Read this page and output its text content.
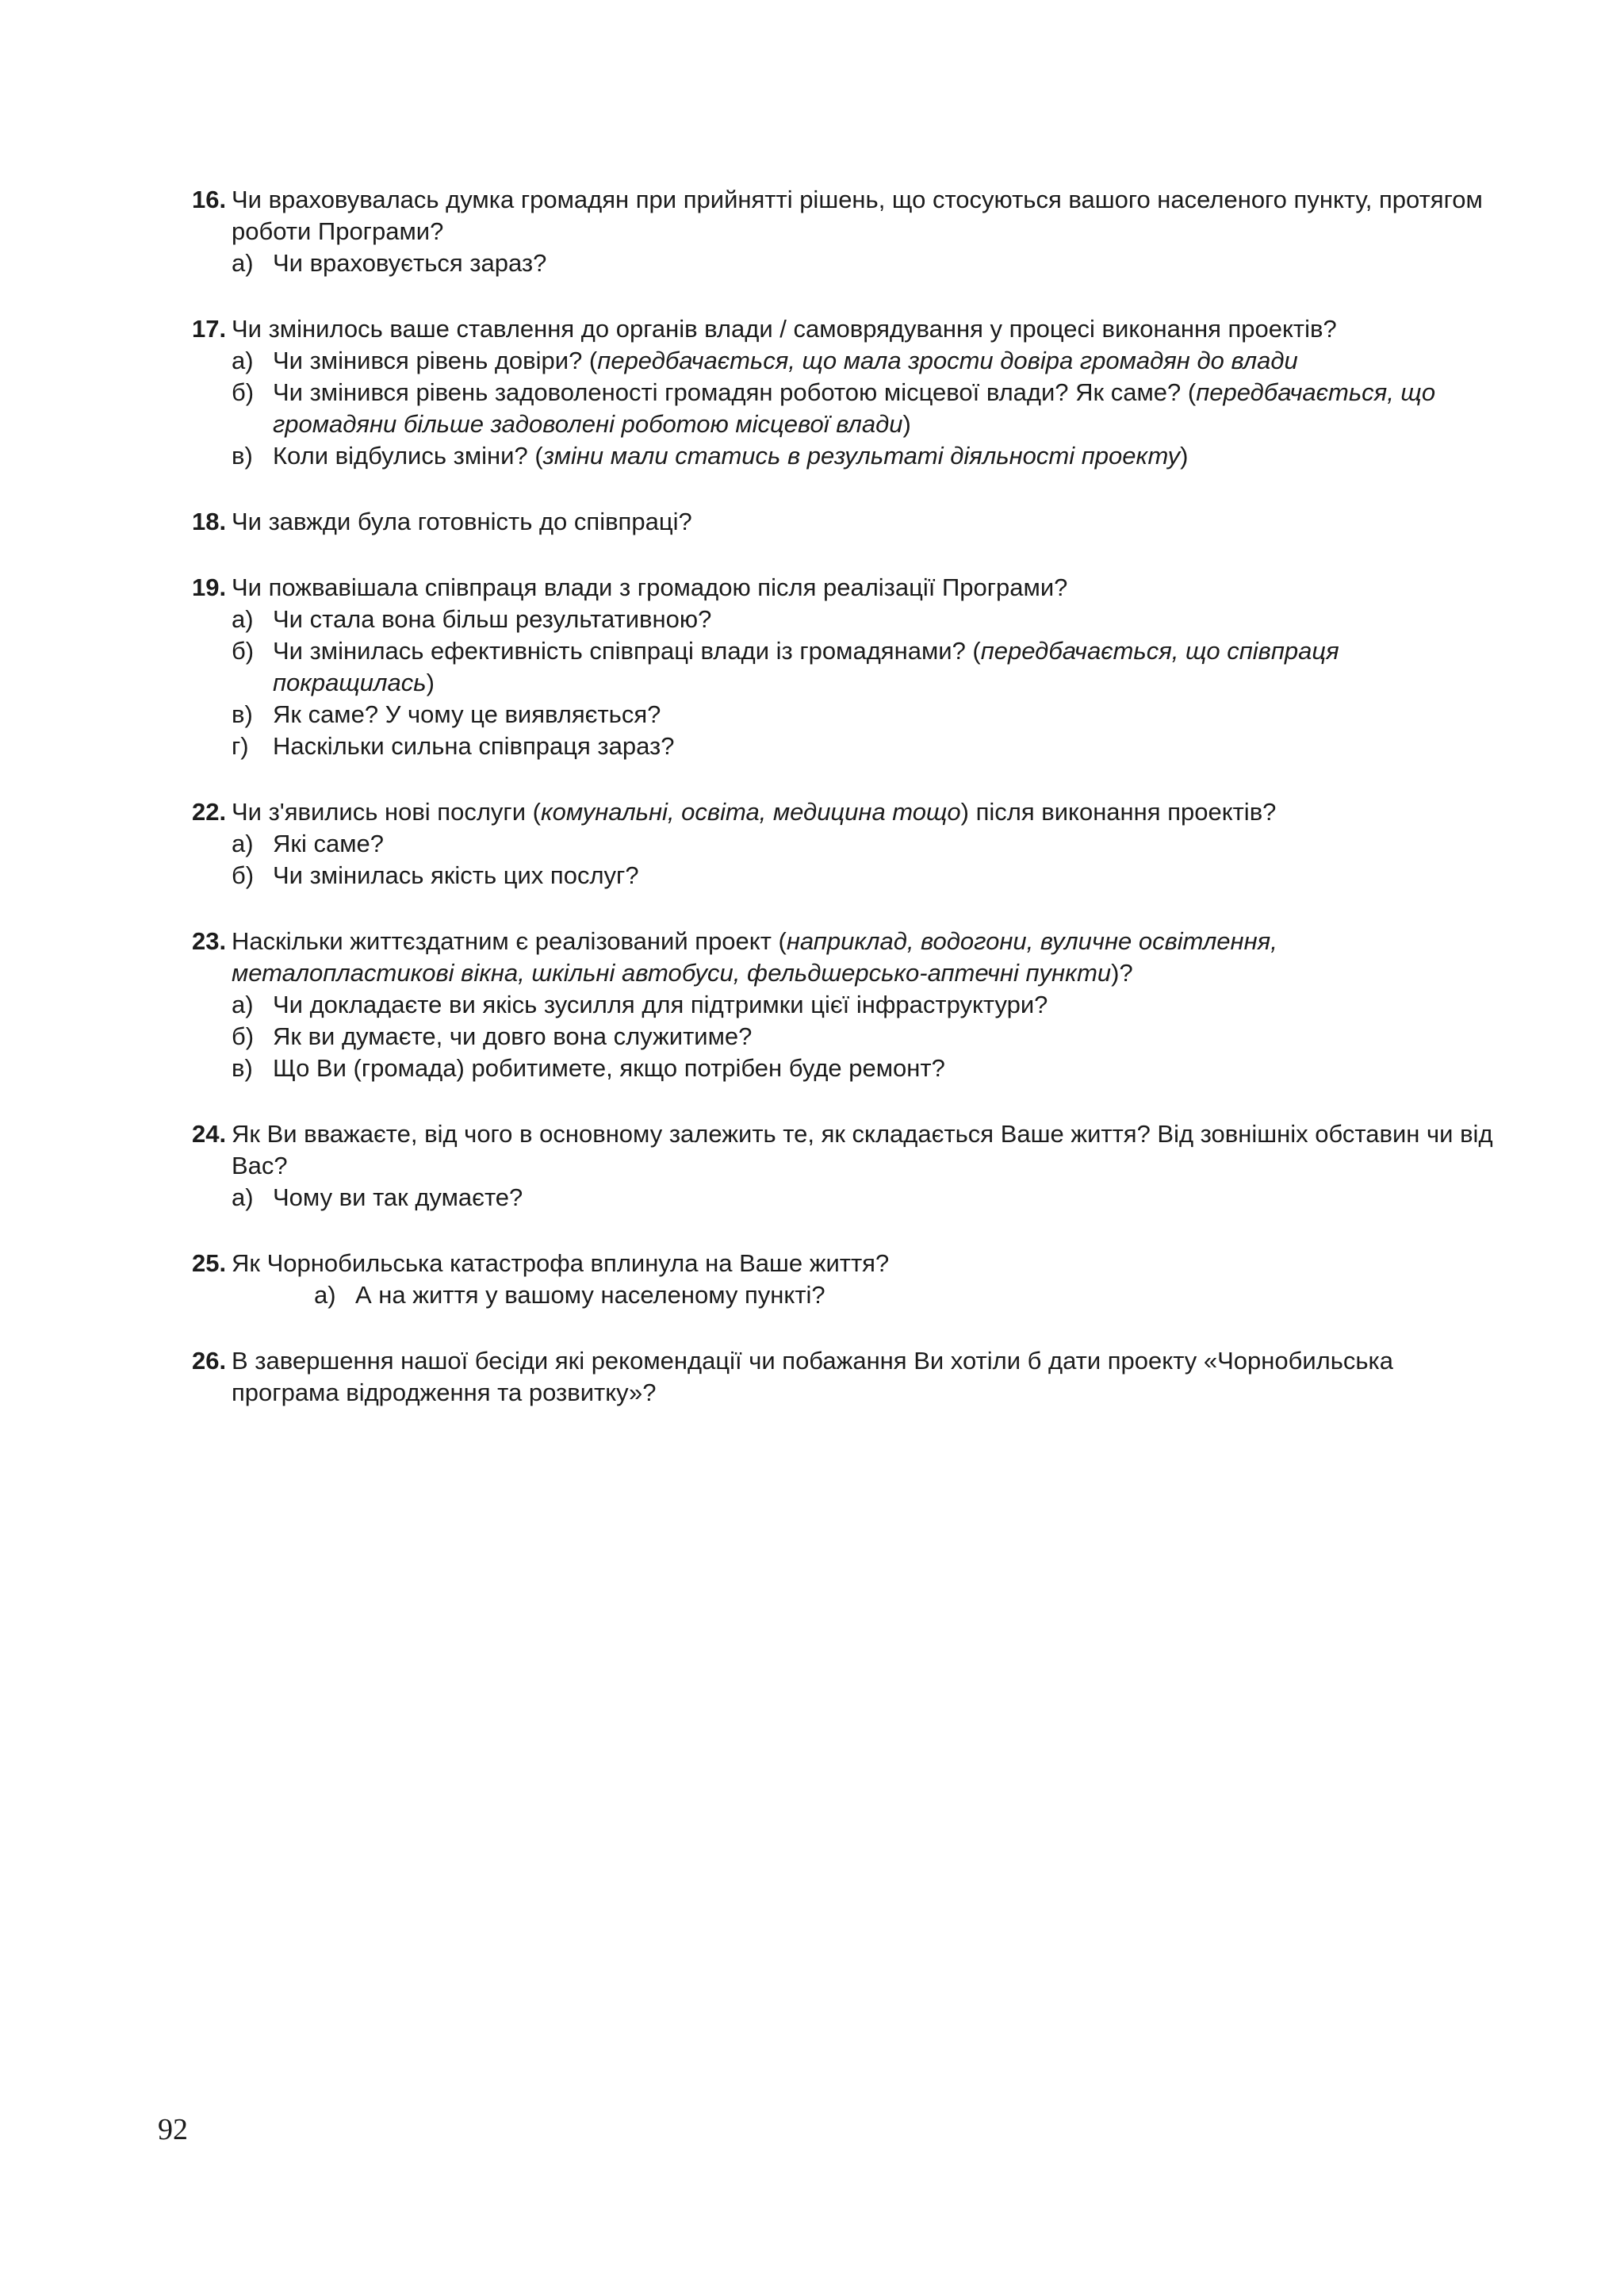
16. Чи враховувалась думка громадян при прийнятті рішень, що стосуються вашого населеного пункту, протягом роботи Програми?
а) Чи враховується зараз?
17. Чи змінилось ваше ставлення до органів влади / самоврядування у процесі виконання проектів?
а) Чи змінився рівень довіри? (передбачається, що мала зрости довіра громадян до влади
б) Чи змінився рівень задоволеності громадян роботою місцевої влади? Як саме? (передбачається, що громадяни більше задоволені роботою місцевої влади)
в) Коли відбулись зміни? (зміни мали статись в результаті діяльності проекту)
18. Чи завжди була готовність до співпраці?
19. Чи пожвавішала співпраця влади з громадою після реалізації Програми?
а) Чи стала вона більш результативною?
б) Чи змінилась ефективність співпраці влади із громадянами? (передбачається, що співпраця покращилась)
в) Як саме? У чому це виявляється?
г) Наскільки сильна співпраця зараз?
22. Чи з'явились нові послуги (комунальні, освіта, медицина тощо) після виконання проектів?
а) Які саме?
б) Чи змінилась якість цих послуг?
23. Наскільки життєздатним є реалізований проект (наприклад, водогони, вуличне освітлення, металопластикові вікна, шкільні автобуси, фельдшерсько-аптечні пункти)?
а) Чи докладаєте ви якісь зусилля для підтримки цієї інфраструктури?
б) Як ви думаєте, чи довго вона служитиме?
в) Що Ви (громада) робитимете, якщо потрібен буде ремонт?
24. Як Ви вважаєте, від чого в основному залежить те, як складається Ваше життя? Від зовнішніх обставин чи від Вас?
а) Чому ви так думаєте?
25. Як Чорнобильська катастрофа вплинула на Ваше життя?
а) А на життя у вашому населеному пункті?
26. В завершення нашої бесіди які рекомендації чи побажання Ви хотіли б дати проекту «Чорнобильська програма відродження та розвитку»?
92
